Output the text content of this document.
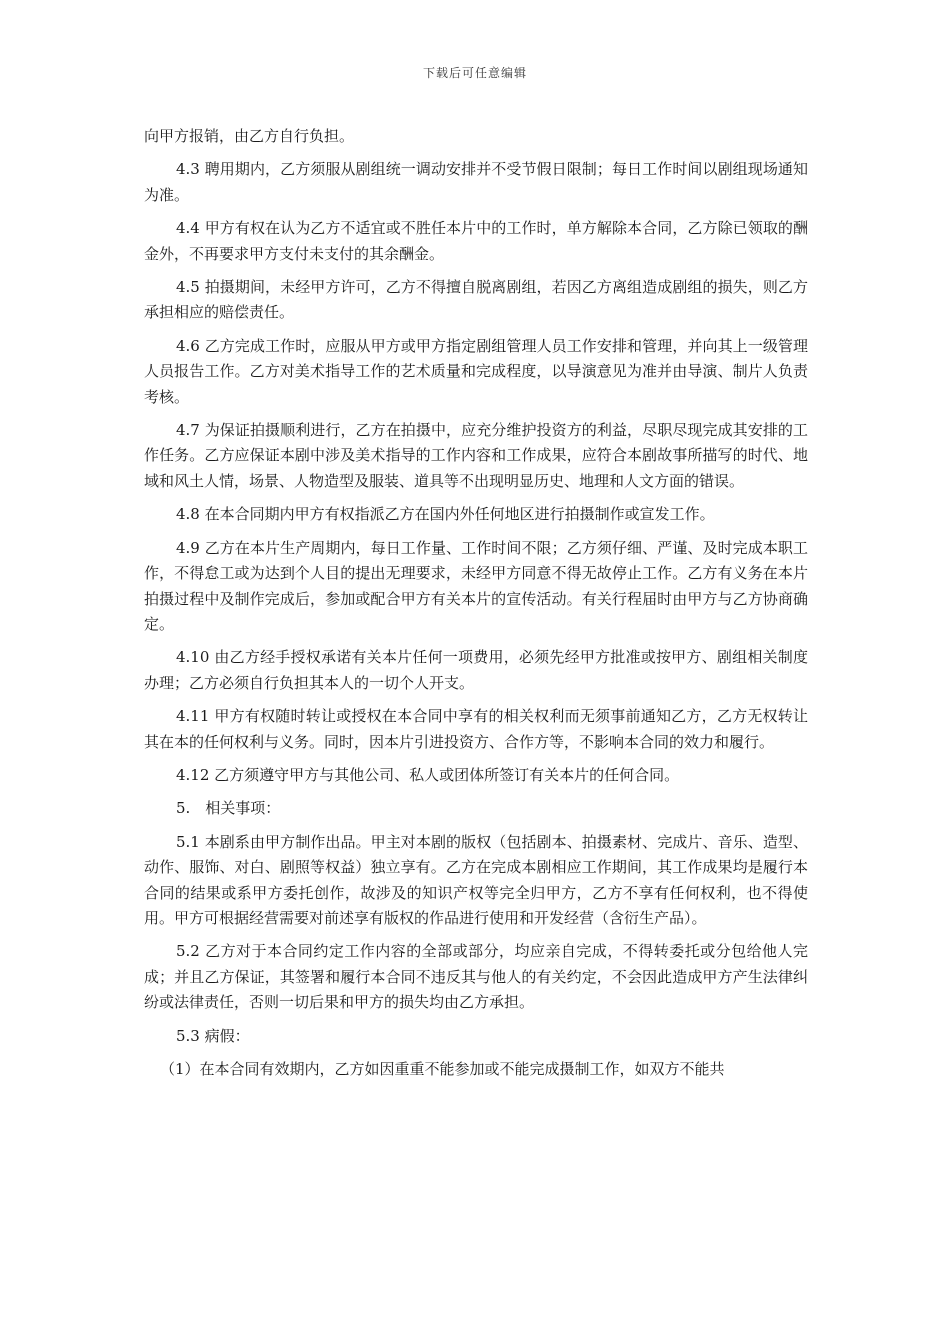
下载后可任意编辑

向甲方报销，由乙方自行负担。

4.3 聘用期内，乙方须服从剧组统一调动安排并不受节假日限制；每日工作时间以剧组现场通知为准。

4.4 甲方有权在认为乙方不适宜或不胜任本片中的工作时，单方解除本合同，乙方除已领取的酬金外，不再要求甲方支付未支付的其余酬金。

4.5 拍摄期间，未经甲方许可，乙方不得擅自脱离剧组，若因乙方离组造成剧组的损失，则乙方承担相应的赔偿责任。

4.6 乙方完成工作时，应服从甲方或甲方指定剧组管理人员工作安排和管理，并向其上一级管理人员报告工作。乙方对美术指导工作的艺术质量和完成程度，以导演意见为准并由导演、制片人负责考核。

4.7 为保证拍摄顺利进行，乙方在拍摄中，应充分维护投资方的利益，尽职尽现完成其安排的工作任务。乙方应保证本剧中涉及美术指导的工作内容和工作成果，应符合本剧故事所描写的时代、地域和风土人情，场景、人物造型及服装、道具等不出现明显历史、地理和人文方面的错误。

4.8 在本合同期内甲方有权指派乙方在国内外任何地区进行拍摄制作或宣发工作。

4.9 乙方在本片生产周期内，每日工作量、工作时间不限；乙方须仔细、严谨、及时完成本职工作，不得怠工或为达到个人目的提出无理要求，未经甲方同意不得无故停止工作。乙方有义务在本片拍摄过程中及制作完成后，参加或配合甲方有关本片的宣传活动。有关行程届时由甲方与乙方协商确定。

4.10 由乙方经手授权承诺有关本片任何一项费用，必须先经甲方批准或按甲方、剧组相关制度办理；乙方必须自行负担其本人的一切个人开支。

4.11 甲方有权随时转让或授权在本合同中享有的相关权利而无须事前通知乙方，乙方无权转让其在本的任何权利与义务。同时，因本片引进投资方、合作方等，不影响本合同的效力和履行。

4.12 乙方须遵守甲方与其他公司、私人或团体所签订有关本片的任何合同。

5.　相关事项：

5.1 本剧系由甲方制作出品。甲主对本剧的版权（包括剧本、拍摄素材、完成片、音乐、造型、动作、服饰、对白、剧照等权益）独立享有。乙方在完成本剧相应工作期间，其工作成果均是履行本合同的结果或系甲方委托创作，故涉及的知识产权等完全归甲方，乙方不享有任何权利，也不得使用。甲方可根据经营需要对前述享有版权的作品进行使用和开发经营（含衍生产品）。

5.2 乙方对于本合同约定工作内容的全部或部分，均应亲自完成，不得转委托或分包给他人完成；并且乙方保证，其签署和履行本合同不违反其与他人的有关约定，不会因此造成甲方产生法律纠纷或法律责任，否则一切后果和甲方的损失均由乙方承担。

5.3 病假：

（1）在本合同有效期内，乙方如因重重不能参加或不能完成摄制工作，如双方不能共
